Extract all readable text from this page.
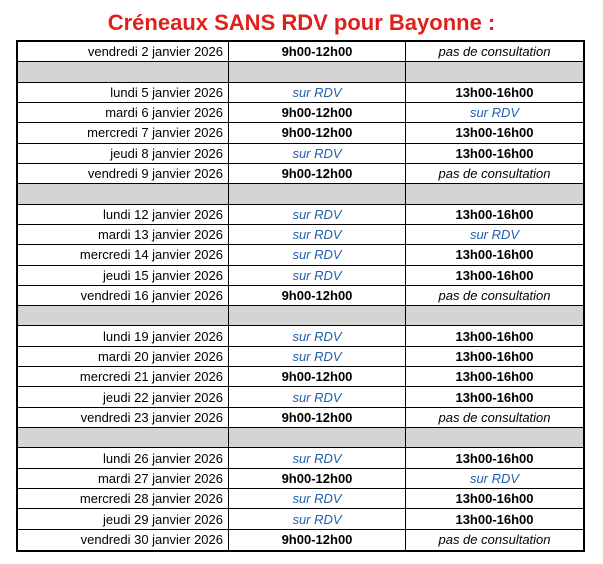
Créneaux SANS RDV pour Bayonne :
vendredi 2 janvier 2026	9h00-12h00	pas de consultation
lundi 5 janvier 2026	sur RDV	13h00-16h00
mardi 6 janvier 2026	9h00-12h00	sur RDV
mercredi 7 janvier 2026	9h00-12h00	13h00-16h00
jeudi 8 janvier 2026	sur RDV	13h00-16h00
vendredi 9 janvier 2026	9h00-12h00	pas de consultation
lundi 12 janvier 2026	sur RDV	13h00-16h00
mardi 13 janvier 2026	sur RDV	sur RDV
mercredi 14 janvier 2026	sur RDV	13h00-16h00
jeudi 15 janvier 2026	sur RDV	13h00-16h00
vendredi 16 janvier 2026	9h00-12h00	pas de consultation
lundi 19 janvier 2026	sur RDV	13h00-16h00
mardi 20 janvier 2026	sur RDV	13h00-16h00
mercredi 21 janvier 2026	9h00-12h00	13h00-16h00
jeudi 22 janvier 2026	sur RDV	13h00-16h00
vendredi 23 janvier 2026	9h00-12h00	pas de consultation
lundi 26 janvier 2026	sur RDV	13h00-16h00
mardi 27 janvier 2026	9h00-12h00	sur RDV
mercredi 28 janvier 2026	sur RDV	13h00-16h00
jeudi 29 janvier 2026	sur RDV	13h00-16h00
vendredi 30 janvier 2026	9h00-12h00	pas de consultation
